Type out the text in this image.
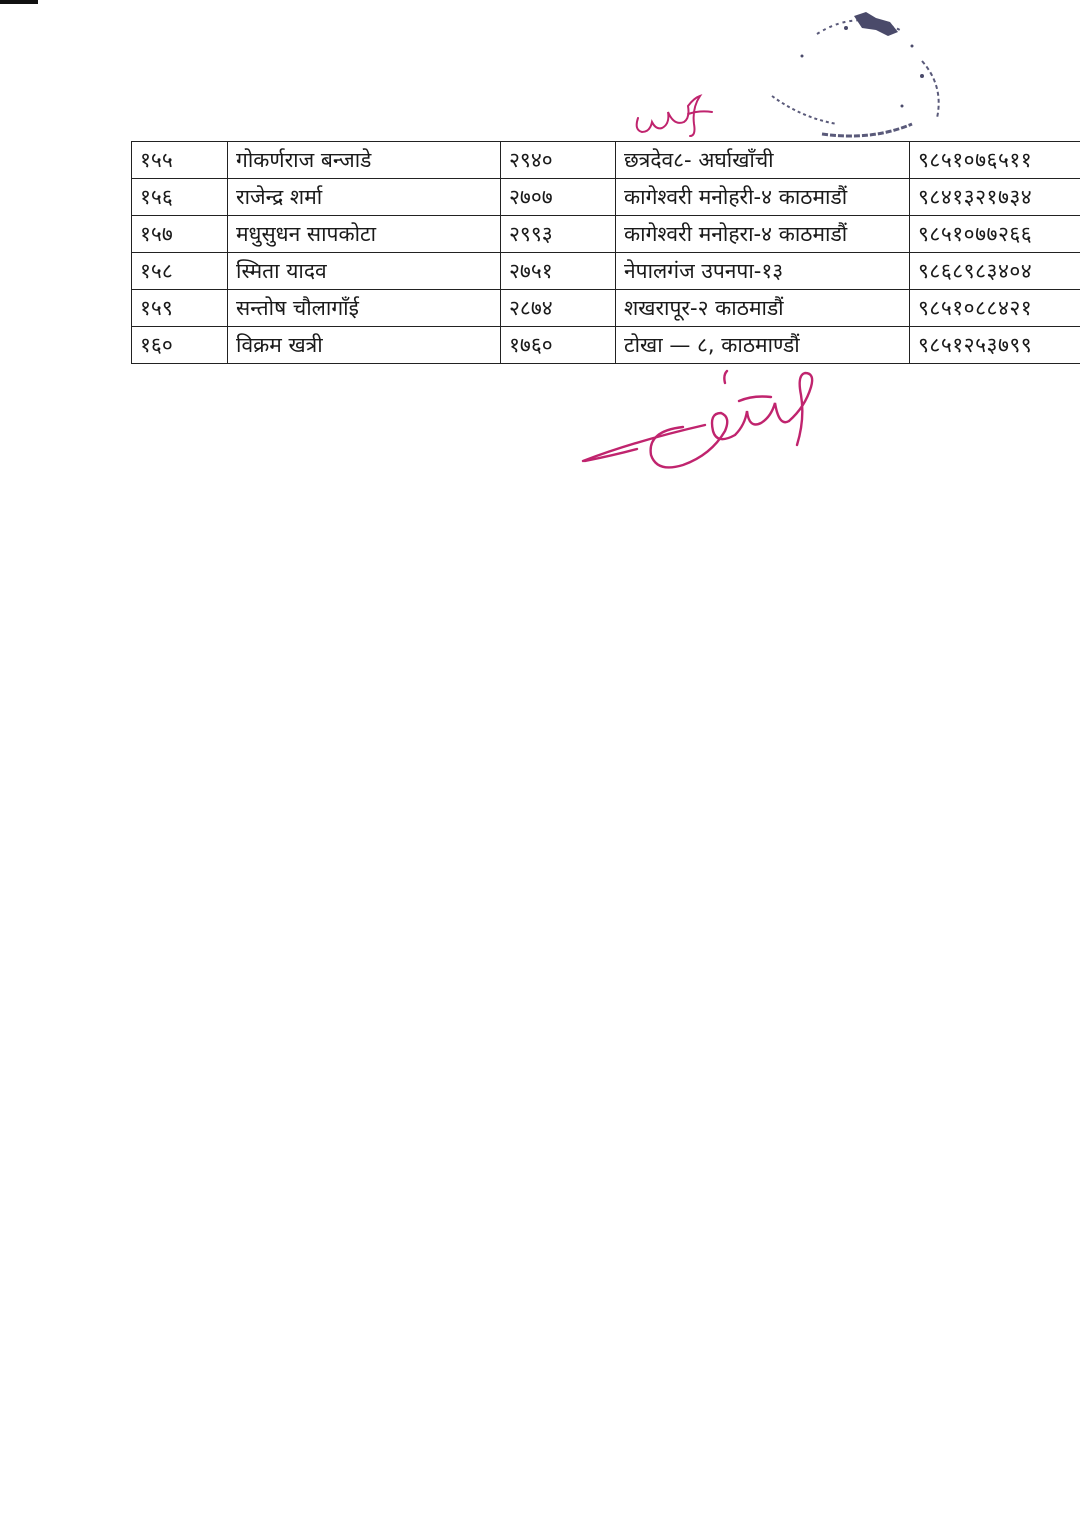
१५५	गोकर्णराज बन्जाडे	२९४०	छत्रदेव८- अर्घाखाँची	९८५१०७६५११
१५६	राजेन्द्र शर्मा	२७०७	कागेश्वरी मनोहरी-४ काठमाडौं	९८४१३२१७३४
१५७	मधुसुधन सापकोटा	२९९३	कागेश्वरी मनोहरा-४ काठमाडौं	९८५१०७७२६६
१५८	स्मिता यादव	२७५१	नेपालगंज उपनपा-१३	९८६८९८३४०४
१५९	सन्तोष चौलागाँई	२८७४	शखरापूर-२ काठमाडौं	९८५१०८८४२१
१६०	विक्रम खत्री	१७६०	टोखा — ८, काठमाण्डौं	९८५१२५३७९९
